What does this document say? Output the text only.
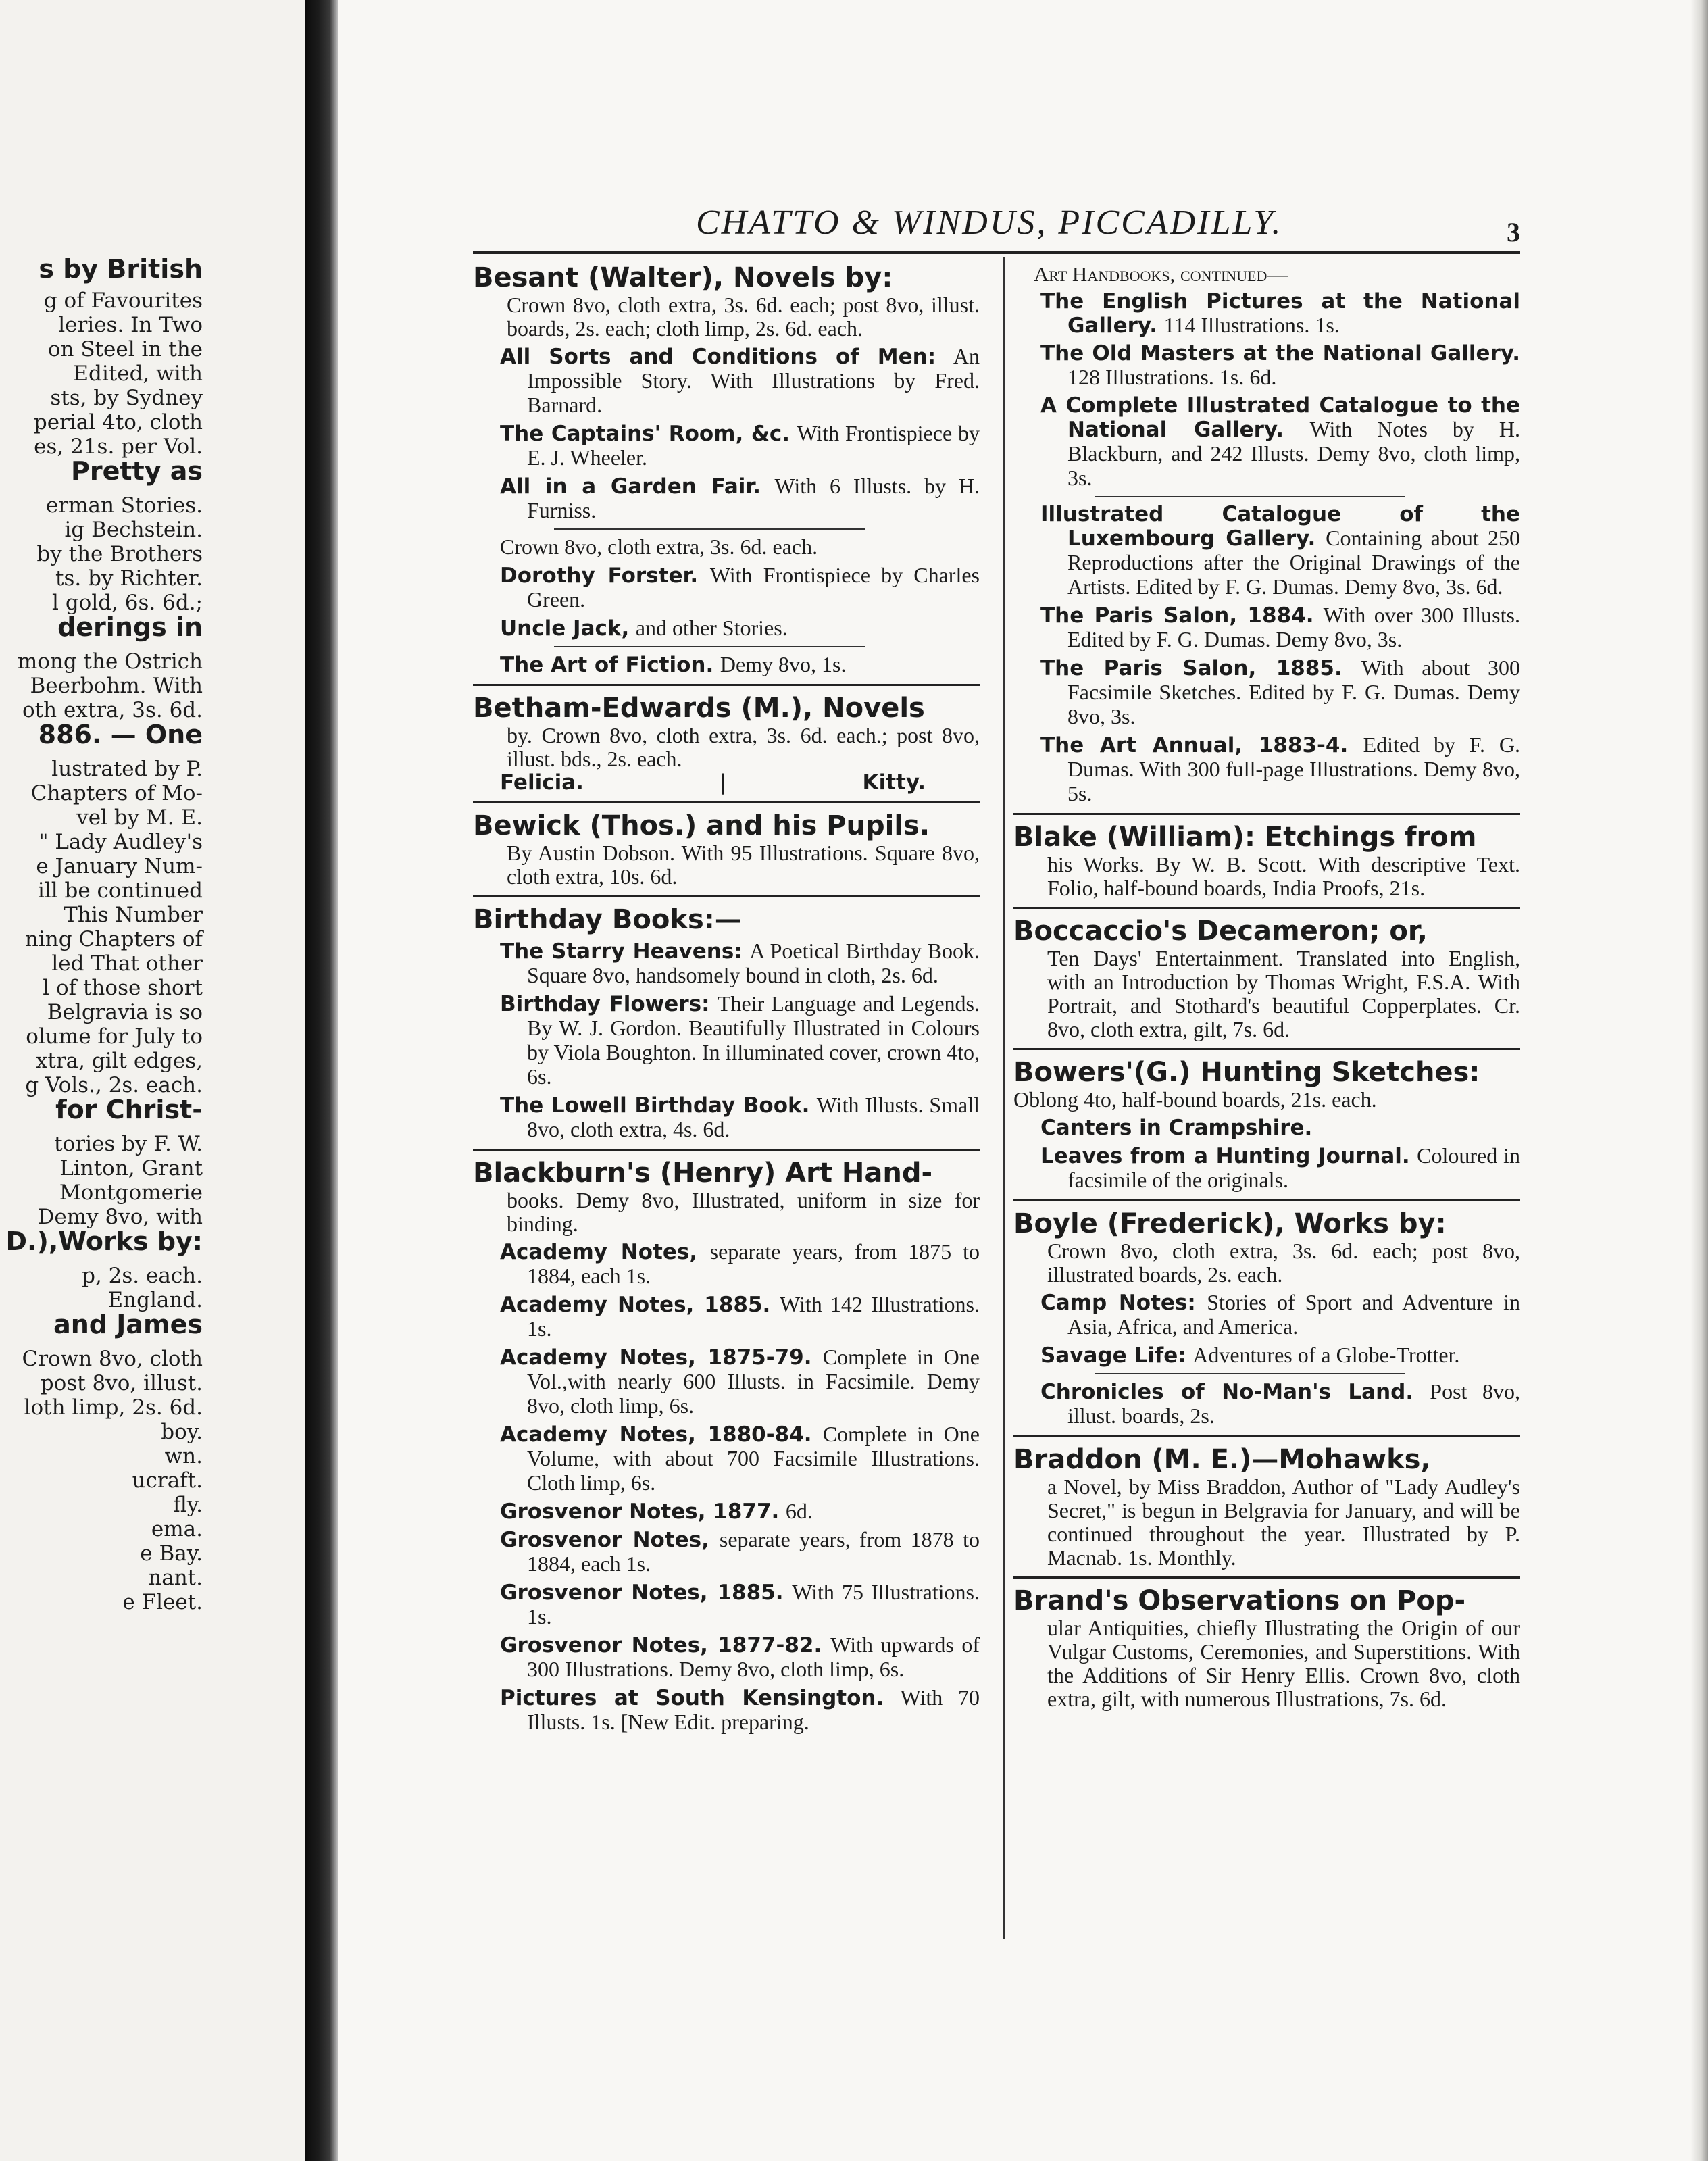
s by British
g of Favourites
leries. In Two
on Steel in the
Edited, with
sts, by Sydney
perial 4to, cloth
es, 21s. per Vol.
Pretty as
erman Stories.
ig Bechstein.
by the Brothers
ts. by Richter.
l gold, 6s. 6d.;
derings in
mong the Ostrich
Beerbohm. With
oth extra, 3s. 6d.
886. — One
lustrated by P.
Chapters of Mo-
vel by M. E.
" Lady Audley's
e January Num-
ill be continued
This Number
ning Chapters of
led That other
l of those short
Belgravia is so
olume for July to
xtra, gilt edges,
g Vols., 2s. each.
for Christ-
tories by F. W.
Linton, Grant
Montgomerie
Demy 8vo, with
D.),Works by:
p, 2s. each.
England.
and James
Crown 8vo, cloth
post 8vo, illust.
loth limp, 2s. 6d.
boy.
wn.
ucraft.
fly.
ema.
e Bay.
nant.
e Fleet.
CHATTO & WINDUS, PICCADILLY.	3
Besant (Walter), Novels by:
Crown 8vo, cloth extra, 3s. 6d. each; post 8vo, illust. boards, 2s. each; cloth limp, 2s. 6d. each.
All Sorts and Conditions of Men: An Impossible Story. With Illustrations by Fred. Barnard.
The Captains' Room, &c. With Frontispiece by E. J. Wheeler.
All in a Garden Fair. With 6 Illusts. by H. Furniss.
Crown 8vo, cloth extra, 3s. 6d. each.
Dorothy Forster. With Frontispiece by Charles Green.
Uncle Jack, and other Stories.
The Art of Fiction. Demy 8vo, 1s.
Betham-Edwards (M.), Novels
by. Crown 8vo, cloth extra, 3s. 6d. each.; post 8vo, illust. bds., 2s. each.
Felicia.	|	Kitty.
Bewick (Thos.) and his Pupils.
By Austin Dobson. With 95 Illustrations. Square 8vo, cloth extra, 10s. 6d.
Birthday Books:—
The Starry Heavens: A Poetical Birthday Book. Square 8vo, handsomely bound in cloth, 2s. 6d.
Birthday Flowers: Their Language and Legends. By W. J. Gordon. Beautifully Illustrated in Colours by Viola Boughton. In illuminated cover, crown 4to, 6s.
The Lowell Birthday Book. With Illusts. Small 8vo, cloth extra, 4s. 6d.
Blackburn's (Henry) Art Hand-
books. Demy 8vo, Illustrated, uniform in size for binding.
Academy Notes, separate years, from 1875 to 1884, each 1s.
Academy Notes, 1885. With 142 Illustrations. 1s.
Academy Notes, 1875-79. Complete in One Vol.,with nearly 600 Illusts. in Facsimile. Demy 8vo, cloth limp, 6s.
Academy Notes, 1880-84. Complete in One Volume, with about 700 Facsimile Illustrations. Cloth limp, 6s.
Grosvenor Notes, 1877. 6d.
Grosvenor Notes, separate years, from 1878 to 1884, each 1s.
Grosvenor Notes, 1885. With 75 Illustrations. 1s.
Grosvenor Notes, 1877-82. With upwards of 300 Illustrations. Demy 8vo, cloth limp, 6s.
Pictures at South Kensington. With 70 Illusts. 1s. [New Edit. preparing.
Art Handbooks, continued—
The English Pictures at the National Gallery. 114 Illustrations. 1s.
The Old Masters at the National Gallery. 128 Illustrations. 1s. 6d.
A Complete Illustrated Catalogue to the National Gallery. With Notes by H. Blackburn, and 242 Illusts. Demy 8vo, cloth limp, 3s.
Illustrated Catalogue of the Luxembourg Gallery. Containing about 250 Reproductions after the Original Drawings of the Artists. Edited by F. G. Dumas. Demy 8vo, 3s. 6d.
The Paris Salon, 1884. With over 300 Illusts. Edited by F. G. Dumas. Demy 8vo, 3s.
The Paris Salon, 1885. With about 300 Facsimile Sketches. Edited by F. G. Dumas. Demy 8vo, 3s.
The Art Annual, 1883-4. Edited by F. G. Dumas. With 300 full-page Illustrations. Demy 8vo, 5s.
Blake (William): Etchings from
his Works. By W. B. Scott. With descriptive Text. Folio, half-bound boards, India Proofs, 21s.
Boccaccio's Decameron; or,
Ten Days' Entertainment. Translated into English, with an Introduction by Thomas Wright, F.S.A. With Portrait, and Stothard's beautiful Copperplates. Cr. 8vo, cloth extra, gilt, 7s. 6d.
Bowers'(G.) Hunting Sketches:
Oblong 4to, half-bound boards, 21s. each.
Canters in Crampshire.
Leaves from a Hunting Journal. Coloured in facsimile of the originals.
Boyle (Frederick), Works by:
Crown 8vo, cloth extra, 3s. 6d. each; post 8vo, illustrated boards, 2s. each.
Camp Notes: Stories of Sport and Adventure in Asia, Africa, and America.
Savage Life: Adventures of a Globe-Trotter.
Chronicles of No-Man's Land. Post 8vo, illust. boards, 2s.
Braddon (M. E.)—Mohawks,
a Novel, by Miss Braddon, Author of "Lady Audley's Secret," is begun in Belgravia for January, and will be continued throughout the year. Illustrated by P. Macnab. 1s. Monthly.
Brand's Observations on Pop-
ular Antiquities, chiefly Illustrating the Origin of our Vulgar Customs, Ceremonies, and Superstitions. With the Additions of Sir Henry Ellis. Crown 8vo, cloth extra, gilt, with numerous Illustrations, 7s. 6d.
